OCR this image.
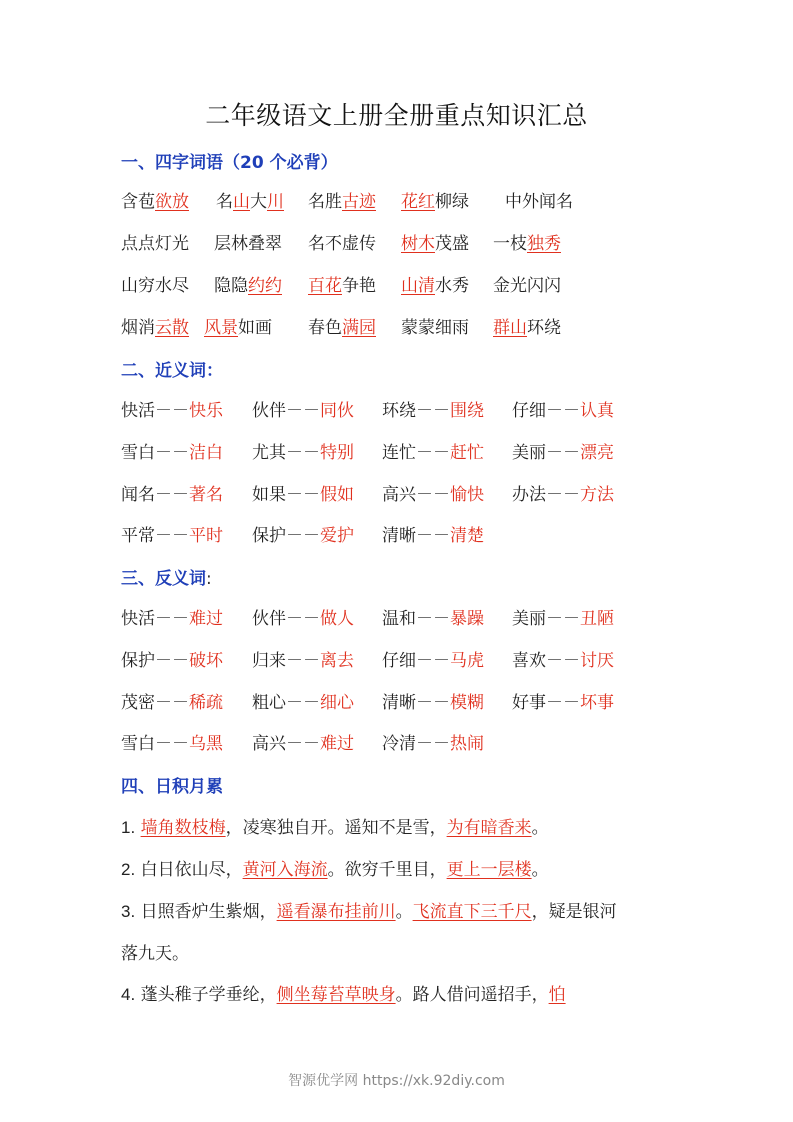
二年级语文上册全册重点知识汇总
一、四字词语（20 个必背）
含苞欲放 名山大川 名胜古迹 花红柳绿 中外闻名
点点灯光 层林叠翠 名不虚传 树木茂盛 一枝独秀
山穷水尽 隐隐约约 百花争艳 山清水秀 金光闪闪
烟消云散 风景如画 春色满园 蒙蒙细雨 群山环绕
二、近义词：
快活－－快乐 伙伴－－同伙 环绕－－围绕 仔细－－认真
雪白－－洁白 尤其－－特别 连忙－－赶忙 美丽－－漂亮
闻名－－著名 如果－－假如 高兴－－愉快 办法－－方法
平常－－平时 保护－－爱护 清晰－－清楚
三、反义词:
快活－－难过 伙伴－－做人 温和－－暴躁 美丽－－丑陋
保护－－破坏 归来－－离去 仔细－－马虎 喜欢－－讨厌
茂密－－稀疏 粗心－－细心 清晰－－模糊 好事－－坏事
雪白－－乌黑 高兴－－难过 冷清－－热闹
四、日积月累
1. 墙角数枝梅，凌寒独自开。遥知不是雪，为有暗香来。
2. 白日依山尽，黄河入海流。欲穷千里目，更上一层楼。
3. 日照香炉生紫烟，遥看瀑布挂前川。飞流直下三千尺，疑是银河
落九天。
4. 蓬头稚子学垂纶，侧坐莓苔草映身。路人借问遥招手，怕
智源优学网 https://xk.92diy.com
